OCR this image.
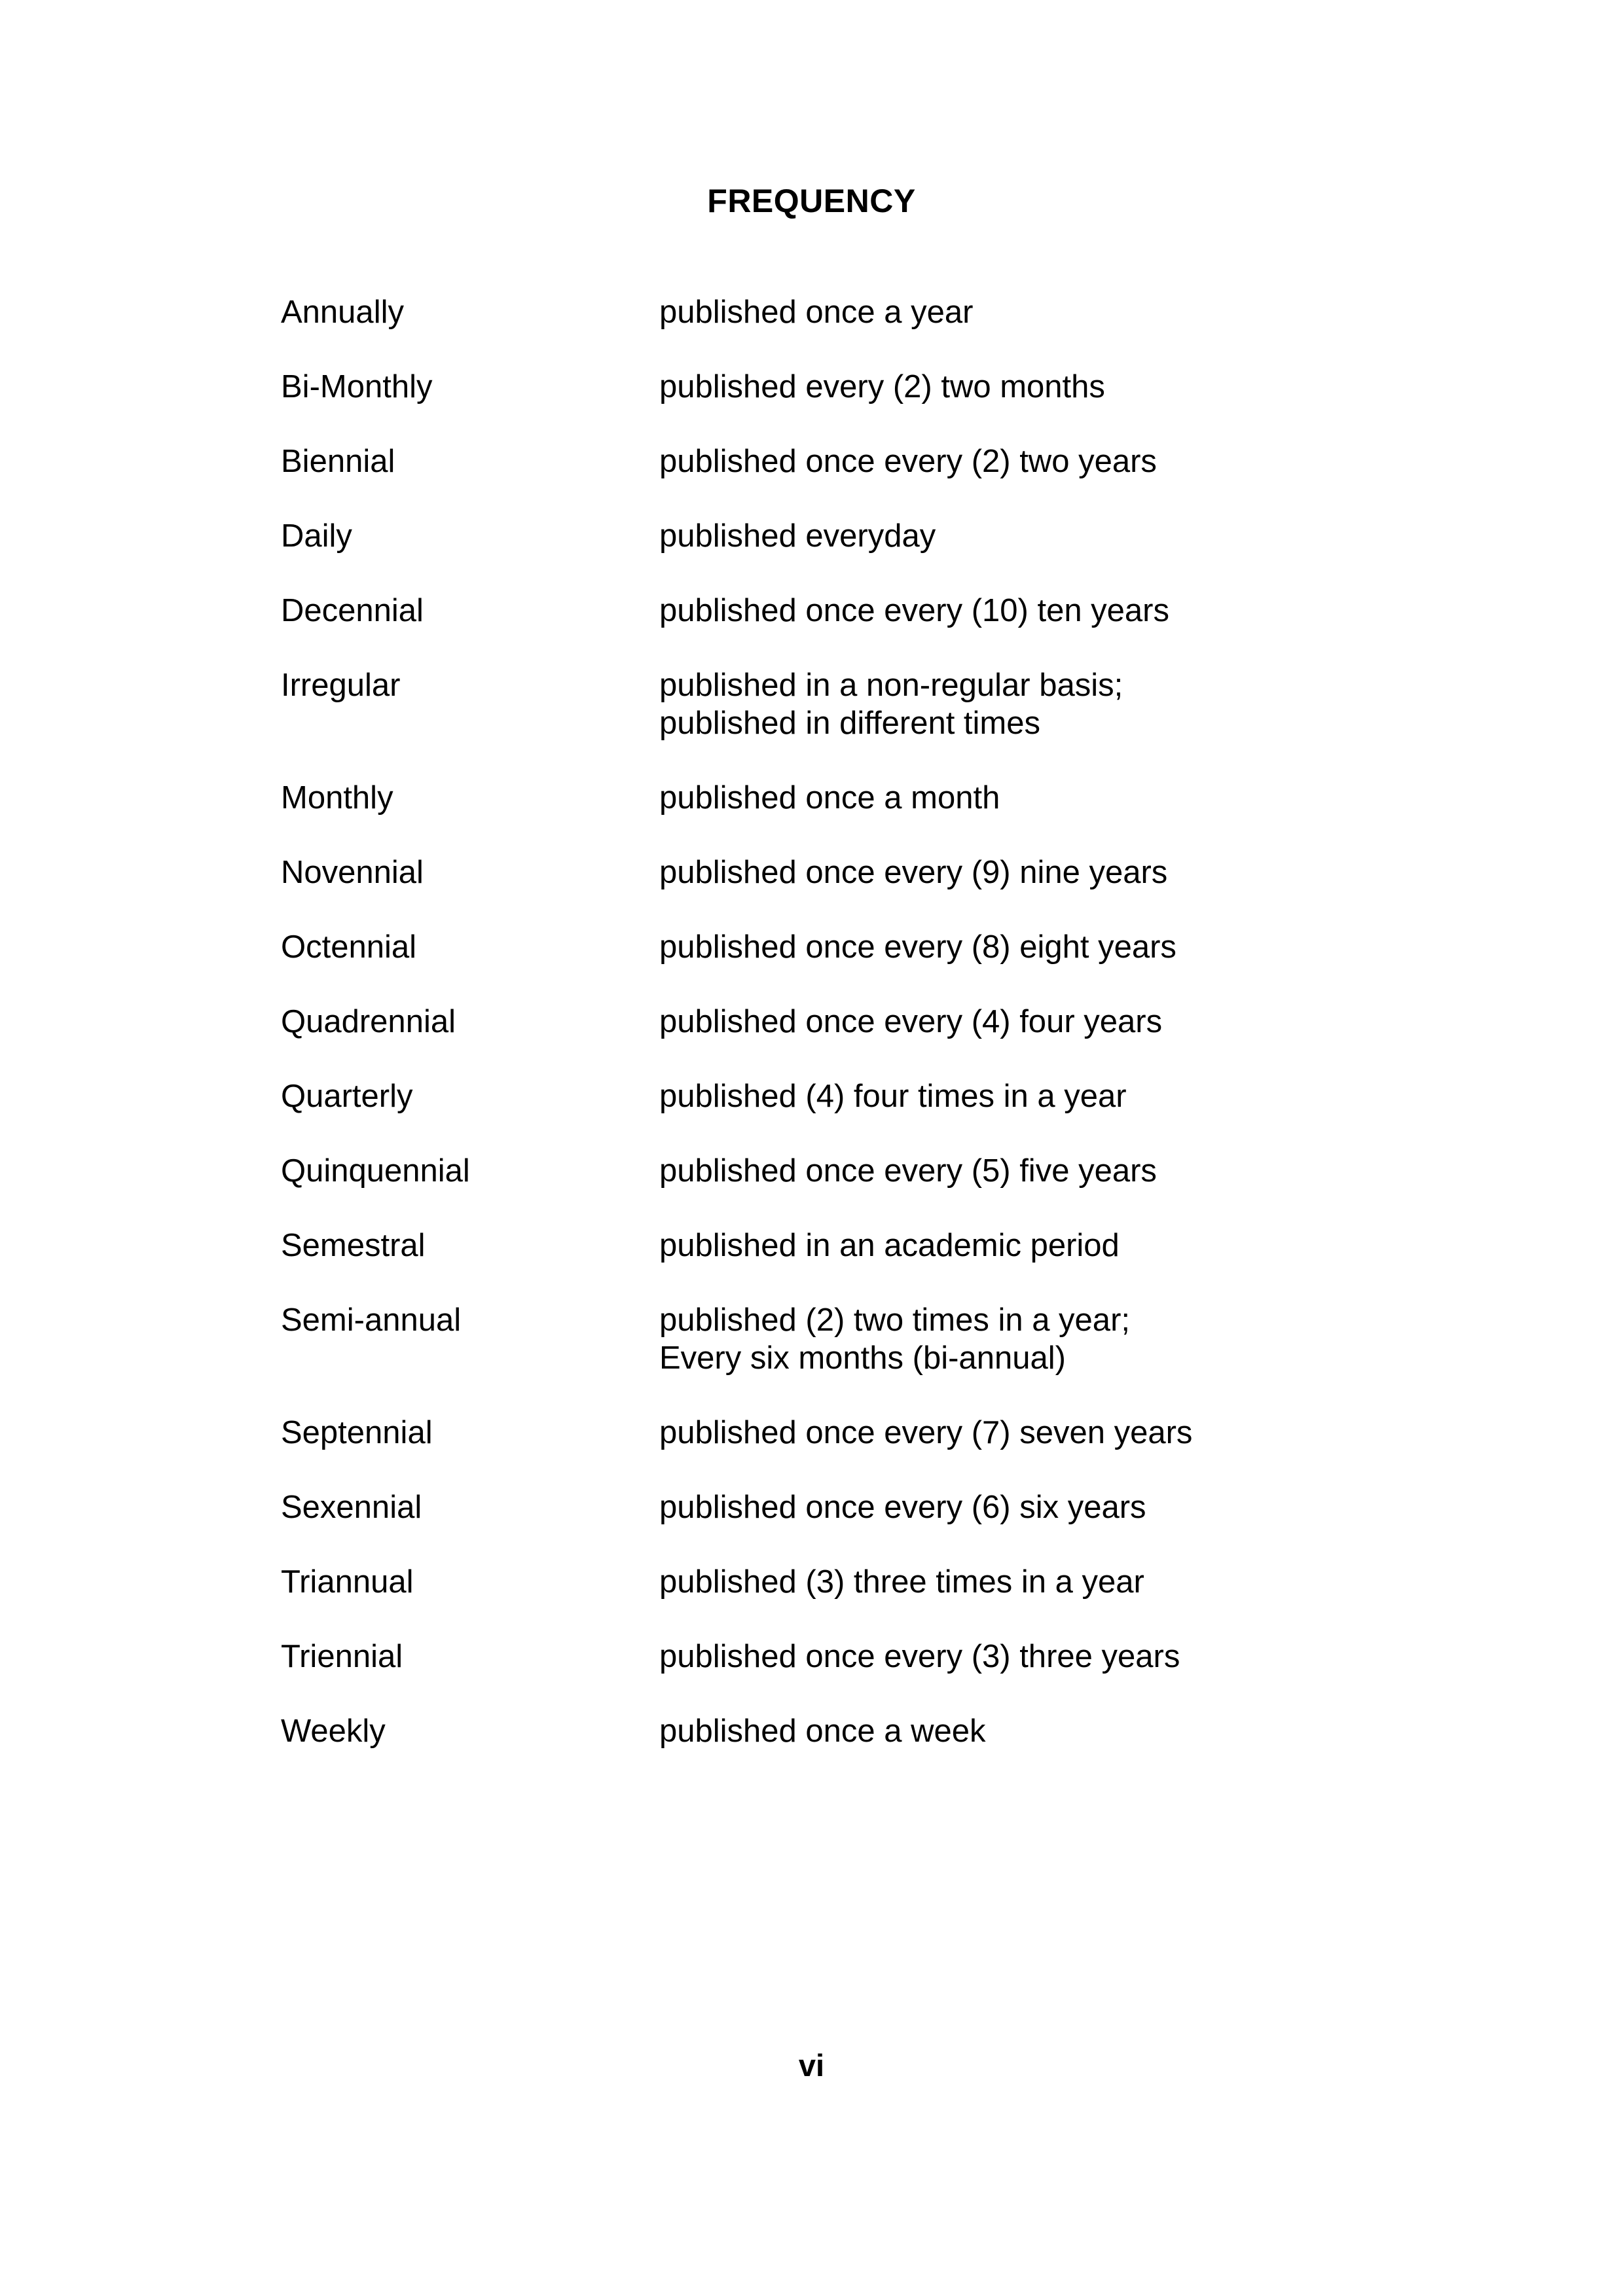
FREQUENCY
Annually	published once a year
Bi-Monthly	published every (2) two months
Biennial	published once every (2) two years
Daily	published everyday
Decennial	published once every (10) ten years
Irregular	published in a non-regular basis;
published in different times
Monthly	published once a month
Novennial	published once every (9) nine years
Octennial	published once every (8) eight years
Quadrennial	published once every (4) four years
Quarterly	published (4) four times in a year
Quinquennial	published once every (5) five years
Semestral	published in an academic period
Semi-annual	published (2) two times in a year;
Every six months (bi-annual)
Septennial	published once every (7) seven years
Sexennial	published once every (6) six years
Triannual	published (3) three times in a year
Triennial	published once every (3) three years
Weekly	published once a week
vi
